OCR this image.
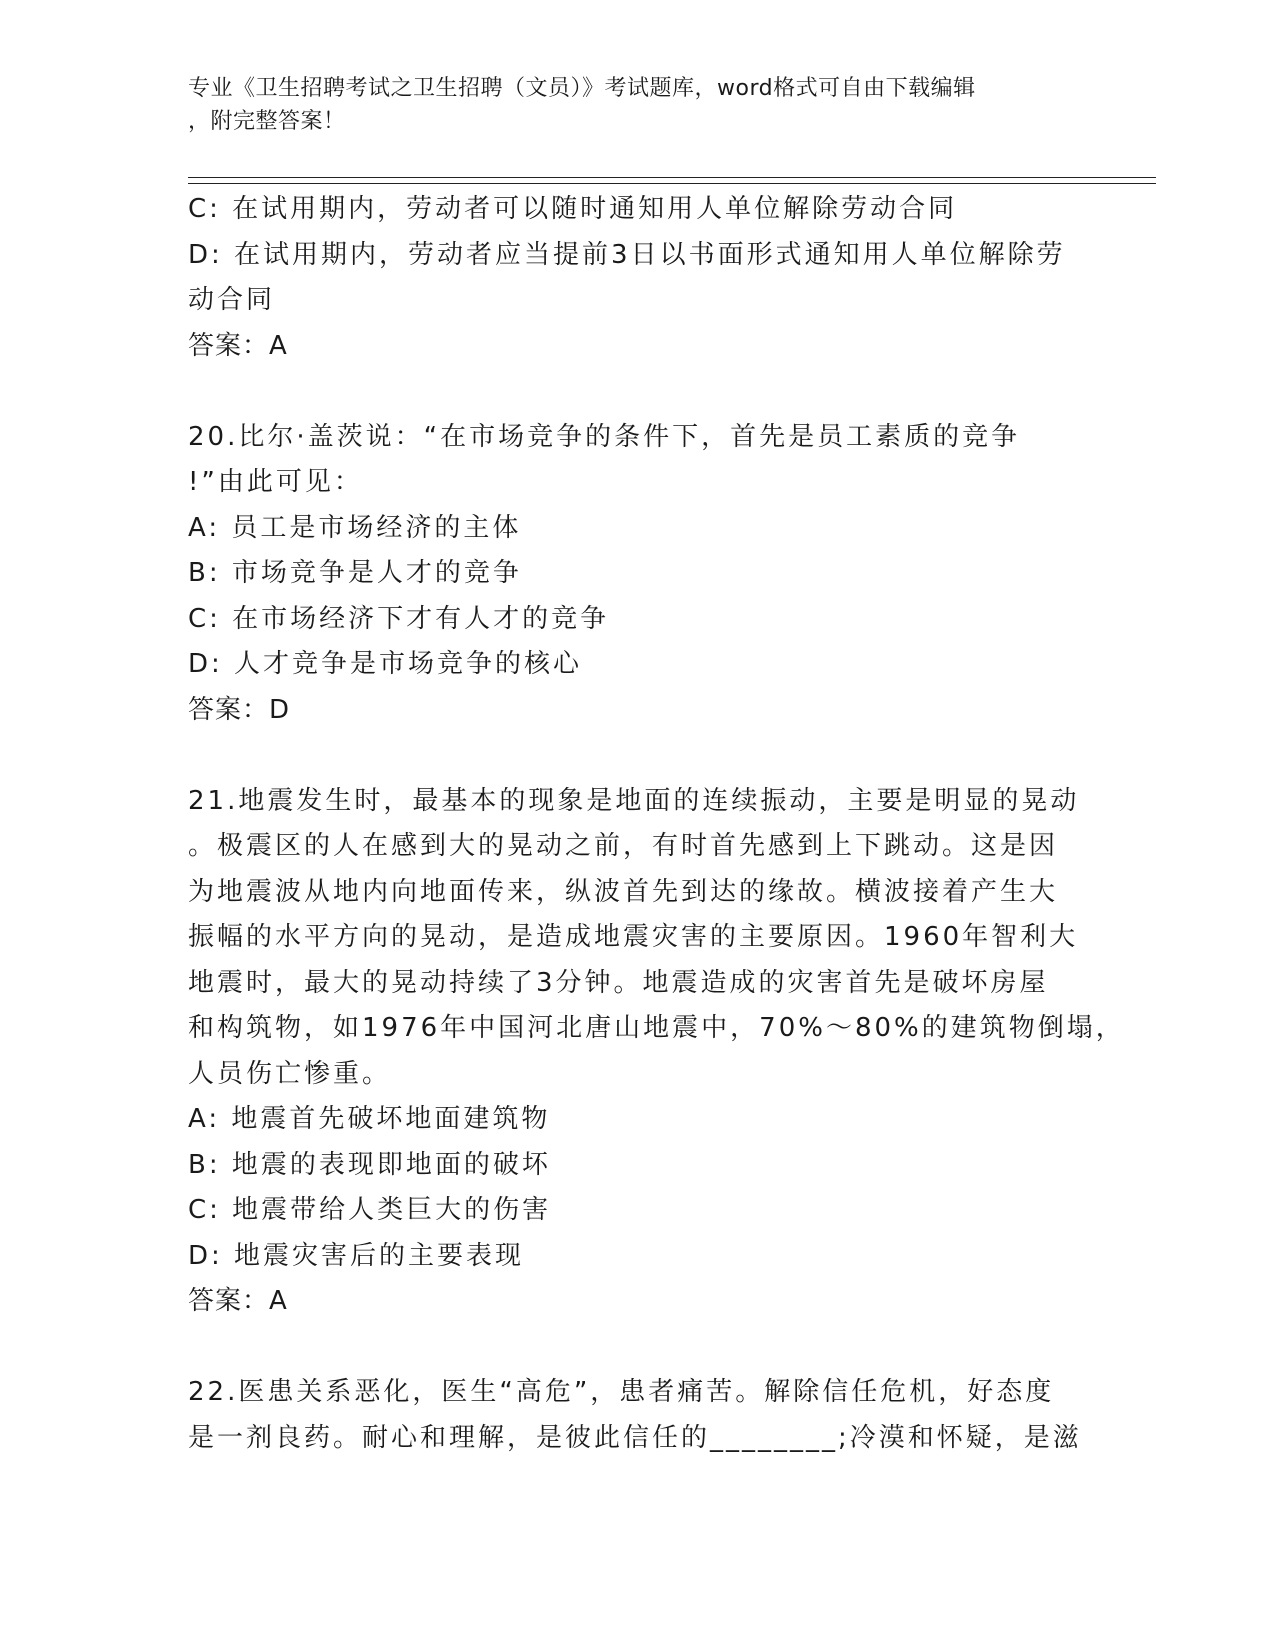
专业《卫生招聘考试之卫生招聘（文员）》考试题库，word格式可自由下载编辑
，附完整答案！
C: 在试用期内，劳动者可以随时通知用人单位解除劳动合同
D: 在试用期内，劳动者应当提前3日以书面形式通知用人单位解除劳
动合同
答案：A
20.比尔·盖茨说：“在市场竞争的条件下，首先是员工素质的竞争
!”由此可见：
A: 员工是市场经济的主体
B: 市场竞争是人才的竞争
C: 在市场经济下才有人才的竞争
D: 人才竞争是市场竞争的核心
答案：D
21.地震发生时，最基本的现象是地面的连续振动，主要是明显的晃动
。极震区的人在感到大的晃动之前，有时首先感到上下跳动。这是因
为地震波从地内向地面传来，纵波首先到达的缘故。横波接着产生大
振幅的水平方向的晃动，是造成地震灾害的主要原因。1960年智利大
地震时，最大的晃动持续了3分钟。地震造成的灾害首先是破坏房屋
和构筑物，如1976年中国河北唐山地震中，70%～80%的建筑物倒塌，
人员伤亡惨重。
A: 地震首先破坏地面建筑物
B: 地震的表现即地面的破坏
C: 地震带给人类巨大的伤害
D: 地震灾害后的主要表现
答案：A
22.医患关系恶化，医生“高危”，患者痛苦。解除信任危机，好态度
是一剂良药。耐心和理解，是彼此信任的________;冷漠和怀疑，是滋
